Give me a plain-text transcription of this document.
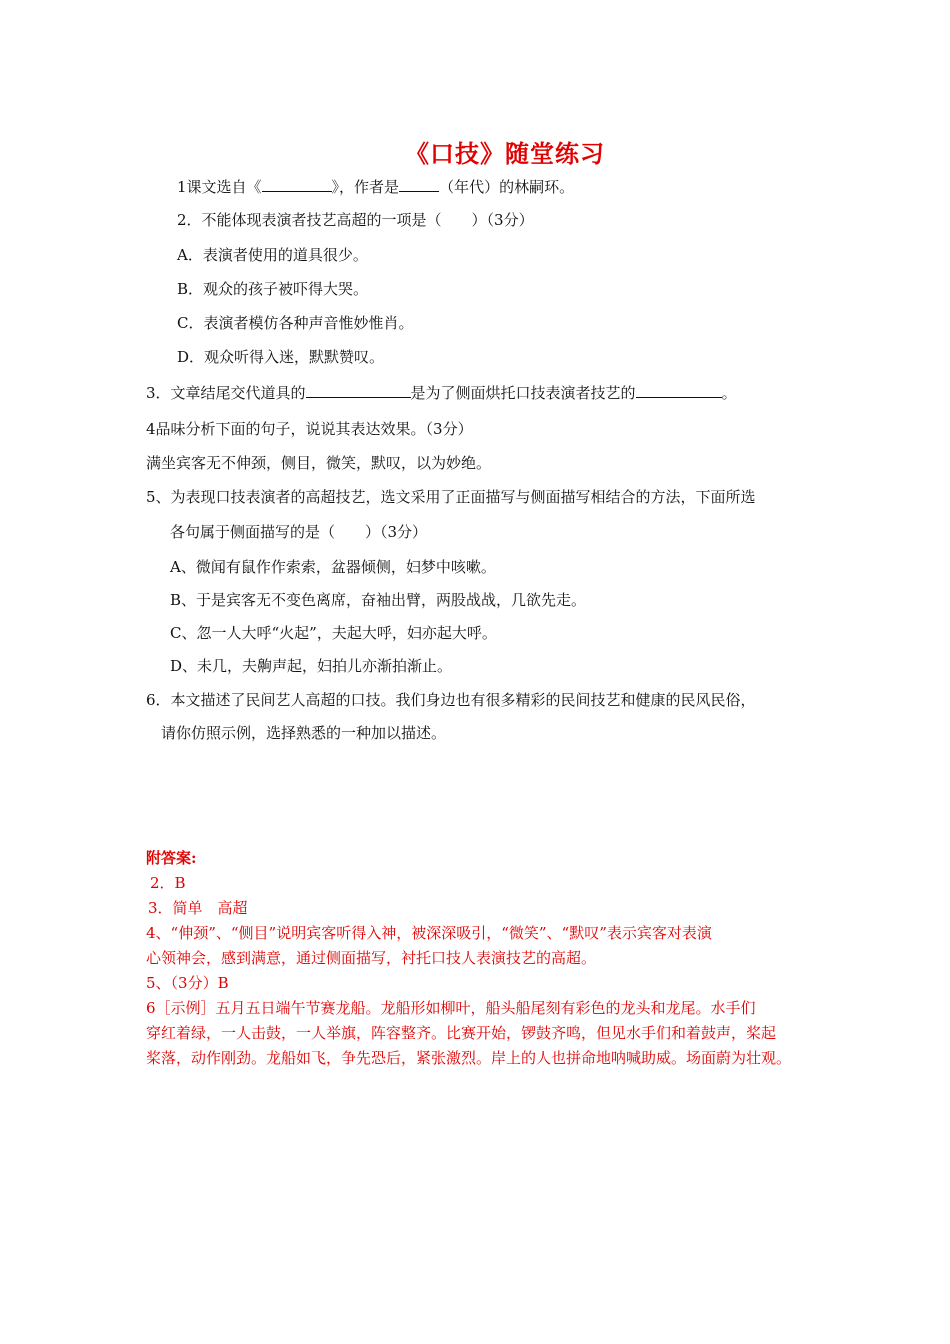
《口技》随堂练习
1课文选自《	》，作者是	（年代）的林嗣环。
2．不能体现表演者技艺高超的一项是（　　）（3分）
A．表演者使用的道具很少。
B．观众的孩子被吓得大哭。
C．表演者模仿各种声音惟妙惟肖。
D．观众听得入迷，默默赞叹。
3．文章结尾交代道具的	是为了侧面烘托口技表演者技艺的	。
4品味分析下面的句子，说说其表达效果。（3分）
满坐宾客无不伸颈，侧目，微笑，默叹，以为妙绝。
5、为表现口技表演者的高超技艺，选文采用了正面描写与侧面描写相结合的方法，下面所选
各句属于侧面描写的是（　　）（3分）
A、微闻有鼠作作索索，盆器倾侧，妇梦中咳嗽。
B、于是宾客无不变色离席，奋袖出臂，两股战战，几欲先走。
C、忽一人大呼“火起”，夫起大呼，妇亦起大呼。
D、未几，夫齁声起，妇拍儿亦渐拍渐止。
6．本文描述了民间艺人高超的口技。我们身边也有很多精彩的民间技艺和健康的民风民俗，
请你仿照示例，选择熟悉的一种加以描述。
附答案:
2．B
3．简单　高超
4、“伸颈”、“侧目”说明宾客听得入神，被深深吸引，“微笑”、“默叹”表示宾客对表演
心领神会，感到满意，通过侧面描写，衬托口技人表演技艺的高超。
5、（3分）B
6［示例］五月五日端午节赛龙船。龙船形如柳叶，船头船尾刻有彩色的龙头和龙尾。水手们
穿红着绿，一人击鼓，一人举旗，阵容整齐。比赛开始，锣鼓齐鸣，但见水手们和着鼓声，桨起
桨落，动作刚劲。龙船如飞，争先恐后，紧张激烈。岸上的人也拼命地呐喊助威。场面蔚为壮观。
